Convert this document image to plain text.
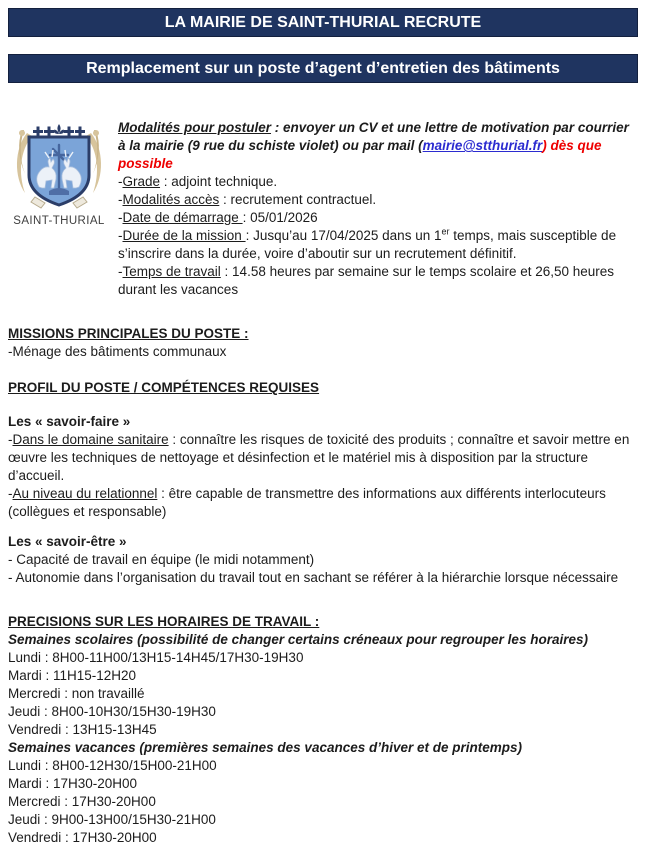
LA MAIRIE DE SAINT-THURIAL RECRUTE
Remplacement sur un poste d’agent d’entretien des bâtiments
SAINT-THURIAL

Modalités pour postuler : envoyer un CV et une lettre de motivation par courrier à la mairie (9 rue du schiste violet) ou par mail (mairie@stthurial.fr) dès que possible

-Grade : adjoint technique.

-Modalités accès : recrutement contractuel.

-Date de démarrage : 05/01/2026

-Durée de la mission : Jusqu’au 17/04/2025 dans un 1er temps, mais susceptible de s’inscrire dans la durée, voire d’aboutir sur un recrutement définitif.

-Temps de travail : 14.58 heures par semaine sur le temps scolaire et 26,50 heures durant les vacances

MISSIONS PRINCIPALES DU POSTE :

-Ménage des bâtiments communaux

PROFIL DU POSTE / COMPÉTENCES REQUISES

Les « savoir-faire »

-Dans le domaine sanitaire : connaître les risques de toxicité des produits ; connaître et savoir mettre en œuvre les techniques de nettoyage et désinfection et le matériel mis à disposition par la structure d’accueil.

-Au niveau du relationnel : être capable de transmettre des informations aux différents interlocuteurs (collègues et responsable)

Les « savoir-être »

- Capacité de travail en équipe (le midi notamment)

- Autonomie dans l’organisation du travail tout en sachant se référer à la hiérarchie lorsque nécessaire

PRECISIONS SUR LES HORAIRES DE TRAVAIL :

Semaines scolaires (possibilité de changer certains créneaux pour regrouper les horaires)

Lundi : 8H00-11H00/13H15-14H45/17H30-19H30

Mardi : 11H15-12H20

Mercredi : non travaillé

Jeudi : 8H00-10H30/15H30-19H30

Vendredi : 13H15-13H45

Semaines vacances (premières semaines des vacances d’hiver et de printemps)

Lundi : 8H00-12H30/15H00-21H00

Mardi : 17H30-20H00

Mercredi : 17H30-20H00

Jeudi : 9H00-13H00/15H30-21H00

Vendredi : 17H30-20H00
